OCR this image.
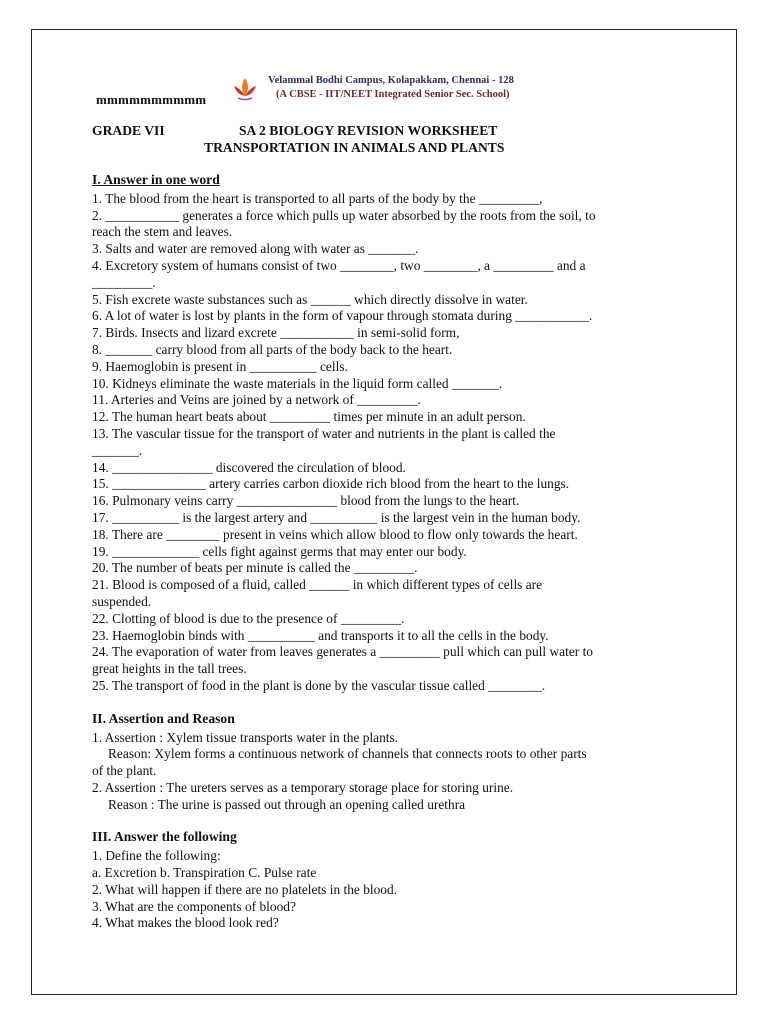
mmmmmmmmmm
Velammal Bodhi Campus, Kolapakkam, Chennai - 128
(A CBSE - IIT/NEET Integrated Senior Sec. School)
GRADE VII	SA 2 BIOLOGY REVISION WORKSHEET
TRANSPORTATION IN ANIMALS AND PLANTS
I. Answer in one word
1. The blood from the heart is transported to all parts of the body by the _________,
2. ___________ generates a force which pulls up water absorbed by the roots from the soil, to
reach the stem and leaves.
3. Salts and water are removed along with water as _______.
4. Excretory system of humans consist of two ________, two ________, a _________ and a
_________.
5. Fish excrete waste substances such as ______ which directly dissolve in water.
6. A lot of water is lost by plants in the form of vapour through stomata during ___________.
7. Birds. Insects and lizard excrete ___________ in semi-solid form,
8. _______ carry blood from all parts of the body back to the heart.
9. Haemoglobin is present in __________ cells.
10. Kidneys eliminate the waste materials in the liquid form called _______.
11. Arteries and Veins are joined by a network of _________.
12. The human heart beats about _________ times per minute in an adult person.
13. The vascular tissue for the transport of water and nutrients in the plant is called the
_______.
14. _______________ discovered the circulation of blood.
15. ______________ artery carries carbon dioxide rich blood from the heart to the lungs.
16. Pulmonary veins carry _______________ blood from the lungs to the heart.
17. __________ is the largest artery and __________ is the largest vein in the human body.
18. There are ________ present in veins which allow blood to flow only towards the heart.
19. _____________ cells fight against germs that may enter our body.
20. The number of beats per minute is called the _________.
21. Blood is composed of a fluid, called ______ in which different types of cells are
suspended.
22. Clotting of blood is due to the presence of _________.
23. Haemoglobin binds with __________ and transports it to all the cells in the body.
24. The evaporation of water from leaves generates a _________ pull which can pull water to
great heights in the tall trees.
25. The transport of food in the plant is done by the vascular tissue called ________.
II. Assertion and Reason
1. Assertion : Xylem tissue transports water in the plants.
Reason: Xylem forms a continuous network of channels that connects roots to other parts
of the plant.
2. Assertion : The ureters serves as a temporary storage place for storing urine.
Reason : The urine is passed out through an opening called urethra
III. Answer the following
1. Define the following:
a. Excretion b. Transpiration C. Pulse rate
2. What will happen if there are no platelets in the blood.
3. What are the components of blood?
4. What makes the blood look red?
